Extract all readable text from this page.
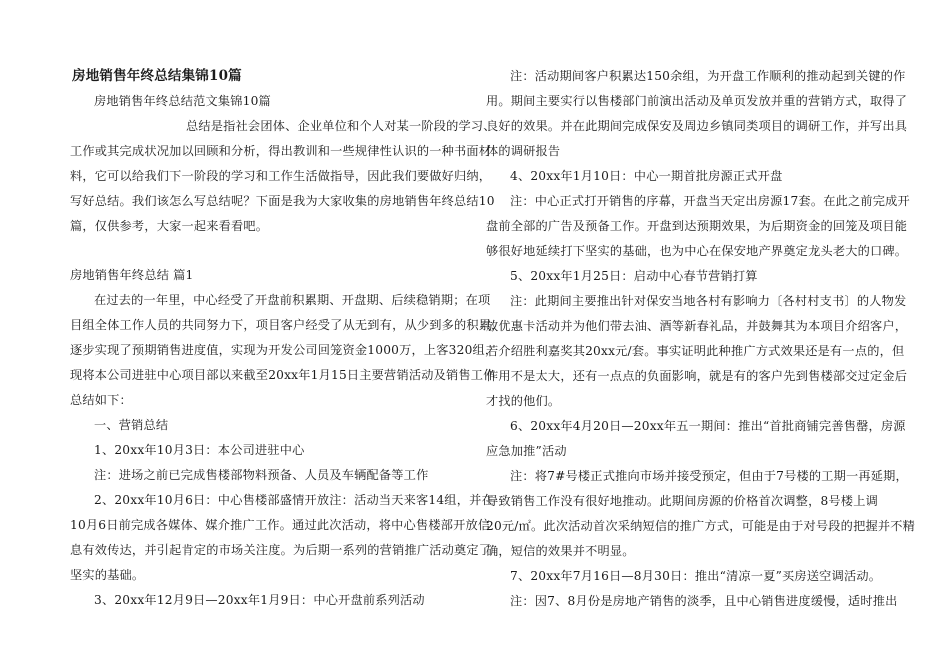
房地销售年终总结集锦10篇
房地销售年终总结范文集锦10篇
总结是指社会团体、企业单位和个人对某一阶段的学习、
工作或其完成状况加以回顾和分析，得出教训和一些规律性认识的一种书面材
料，它可以给我们下一阶段的学习和工作生活做指导，因此我们要做好归纳，
写好总结。我们该怎么写总结呢？下面是我为大家收集的房地销售年终总结10
篇，仅供参考，大家一起来看看吧。
房地销售年终总结 篇1
在过去的一年里，中心经受了开盘前积累期、开盘期、后续稳销期；在项
目组全体工作人员的共同努力下，项目客户经受了从无到有，从少到多的积累，
逐步实现了预期销售进度值，实现为开发公司回笼资金1000万，上客320组，
现将本公司进驻中心项目部以来截至20xx年1月15日主要营销活动及销售工作
总结如下：
一、营销总结
1、20xx年10月3日：本公司进驻中心
注：进场之前已完成售楼部物料预备、人员及车辆配备等工作
2、20xx年10月6日：中心售楼部盛情开放注：活动当天来客14组，并在
10月6日前完成各媒体、媒介推广工作。通过此次活动，将中心售楼部开放信
息有效传达，并引起肯定的市场关注度。为后期一系列的营销推广活动奠定了
坚实的基础。
3、20xx年12月9日—20xx年1月9日：中心开盘前系列活动
注：活动期间客户积累达150余组，为开盘工作顺利的推动起到关键的作
用。期间主要实行以售楼部门前演出活动及单页发放并重的营销方式，取得了
良好的效果。并在此期间完成保安及周边乡镇同类项目的调研工作，并写出具
体的调研报告
4、20xx年1月10日：中心一期首批房源正式开盘
注：中心正式打开销售的序幕，开盘当天定出房源17套。在此之前完成开
盘前全部的广告及预备工作。开盘到达预期效果，为后期资金的回笼及项目能
够很好地延续打下坚实的基础，也为中心在保安地产界奠定龙头老大的口碑。
5、20xx年1月25日：启动中心春节营销打算
注：此期间主要推出针对保安当地各村有影响力〔各村村支书〕的人物发
放优惠卡活动并为他们带去油、酒等新春礼品，并鼓舞其为本项目介绍客户，
若介绍胜利嘉奖其20xx元/套。事实证明此种推广方式效果还是有一点的，但
作用不是太大，还有一点点的负面影响，就是有的客户先到售楼部交过定金后
才找的他们。
6、20xx年4月20日—20xx年五一期间：推出“首批商铺完善售罄，房源
应急加推”活动
注：将7#号楼正式推向市场并接受预定，但由于7号楼的工期一再延期，
导致销售工作没有很好地推动。此期间房源的价格首次调整，8号楼上调
20元/㎡。此次活动首次采纳短信的推广方式，可能是由于对号段的把握并不精
确，短信的效果并不明显。
7、20xx年7月16日—8月30日：推出“清凉一夏”买房送空调活动。
注：因7、8月份是房地产销售的淡季，且中心销售进度缓慢，适时推出
